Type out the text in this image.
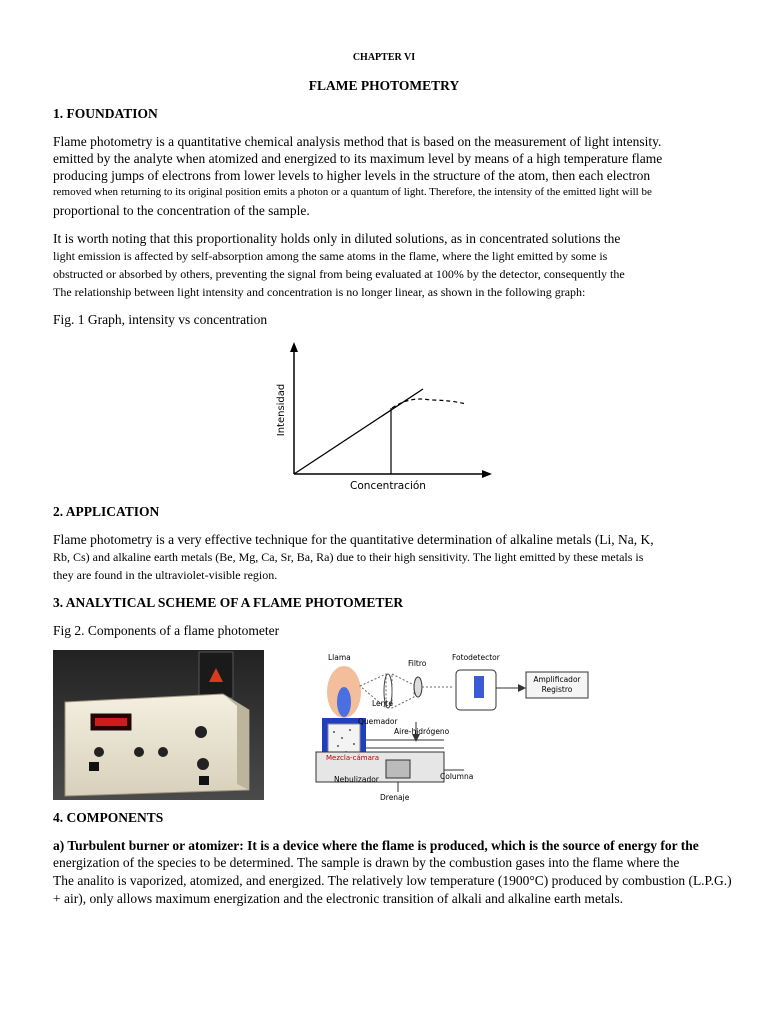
CHAPTER VI
FLAME PHOTOMETRY
1. FOUNDATION
Flame photometry is a quantitative chemical analysis method that is based on the measurement of light intensity.
emitted by the analyte when atomized and energized to its maximum level by means of a high temperature flame
producing jumps of electrons from lower levels to higher levels in the structure of the atom, then each electron
removed when returning to its original position emits a photon or a quantum of light. Therefore, the intensity of the emitted light will be
proportional to the concentration of the sample.
It is worth noting that this proportionality holds only in diluted solutions, as in concentrated solutions the
light emission is affected by self-absorption among the same atoms in the flame, where the light emitted by some is
obstructed or absorbed by others, preventing the signal from being evaluated at 100% by the detector, consequently the
The relationship between light intensity and concentration is no longer linear, as shown in the following graph:
Fig. 1 Graph, intensity vs concentration
Intensidad
Concentración
2. APPLICATION
Flame photometry is a very effective technique for the quantitative determination of alkaline metals (Li, Na, K,
Rb, Cs) and alkaline earth metals (Be, Mg, Ca, Sr, Ba, Ra) due to their high sensitivity. The light emitted by these metals is
they are found in the ultraviolet-visible region.
3. ANALYTICAL SCHEME OF A FLAME PHOTOMETER
Fig 2. Components of a flame photometer
Llama
Filtro
Fotodetector
Amplificador
Registro
Lente
Quemador
Aire-hidrógeno
Mezcla-cámara
Nebulizador	Columna
Drenaje
4. COMPONENTS
a) Turbulent burner or atomizer: It is a device where the flame is produced, which is the source of energy for the
energization of the species to be determined. The sample is drawn by the combustion gases into the flame where the
The analito is vaporized, atomized, and energized. The relatively low temperature (1900°C) produced by combustion (L.P.G.)
+ air), only allows maximum energization and the electronic transition of alkali and alkaline earth metals.
